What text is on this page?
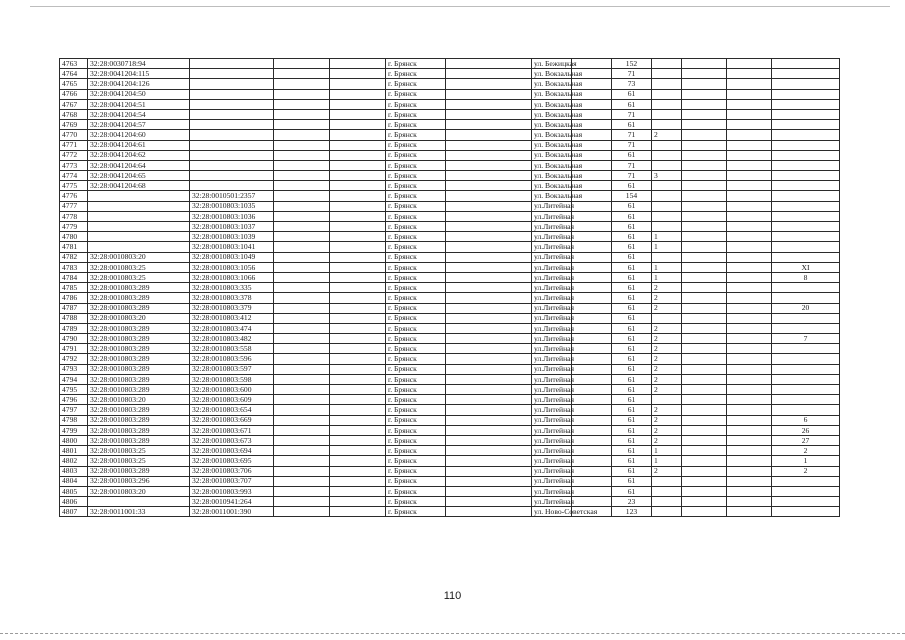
4763	32:28:0030718:94				г. Брянск		ул. Бежицкая		152				
4764	32:28:0041204:115				г. Брянск		ул. Вокзальная		71				
4765	32:28:0041204:126				г. Брянск		ул. Вокзальная		73				
4766	32:28:0041204:50				г. Брянск		ул. Вокзальная		61				
4767	32:28:0041204:51				г. Брянск		ул. Вокзальная		61				
4768	32:28:0041204:54				г. Брянск		ул. Вокзальная		71				
4769	32:28:0041204:57				г. Брянск		ул. Вокзальная		61				
4770	32:28:0041204:60				г. Брянск		ул. Вокзальная		71	2			
4771	32:28:0041204:61				г. Брянск		ул. Вокзальная		71				
4772	32:28:0041204:62				г. Брянск		ул. Вокзальная		61				
4773	32:28:0041204:64				г. Брянск		ул. Вокзальная		71				
4774	32:28:0041204:65				г. Брянск		ул. Вокзальная		71	3			
4775	32:28:0041204:68				г. Брянск		ул. Вокзальная		61				
4776		32:28:0010501:2357			г. Брянск		ул. Вокзальная		154				
4777		32:28:0010803:1035			г. Брянск		ул.Литейная		61				
4778		32:28:0010803:1036			г. Брянск		ул.Литейная		61				
4779		32:28:0010803:1037			г. Брянск		ул.Литейная		61				
4780		32:28:0010803:1039			г. Брянск		ул.Литейная		61	1			
4781		32:28:0010803:1041			г. Брянск		ул.Литейная		61	1			
4782	32:28:0010803:20	32:28:0010803:1049			г. Брянск		ул.Литейная		61				
4783	32:28:0010803:25	32:28:0010803:1056			г. Брянск		ул.Литейная		61	1			XI
4784	32:28:0010803:25	32:28:0010803:1066			г. Брянск		ул.Литейная		61	1			8
4785	32:28:0010803:289	32:28:0010803:335			г. Брянск		ул.Литейная		61	2			
4786	32:28:0010803:289	32:28:0010803:378			г. Брянск		ул.Литейная		61	2			
4787	32:28:0010803:289	32:28:0010803:379			г. Брянск		ул.Литейная		61	2			20
4788	32:28:0010803:20	32:28:0010803:412			г. Брянск		ул.Литейная		61				
4789	32:28:0010803:289	32:28:0010803:474			г. Брянск		ул.Литейная		61	2			
4790	32:28:0010803:289	32:28:0010803:482			г. Брянск		ул.Литейная		61	2			7
4791	32:28:0010803:289	32:28:0010803:558			г. Брянск		ул.Литейная		61	2			
4792	32:28:0010803:289	32:28:0010803:596			г. Брянск		ул.Литейная		61	2			
4793	32:28:0010803:289	32:28:0010803:597			г. Брянск		ул.Литейная		61	2			
4794	32:28:0010803:289	32:28:0010803:598			г. Брянск		ул.Литейная		61	2			
4795	32:28:0010803:289	32:28:0010803:600			г. Брянск		ул.Литейная		61	2			
4796	32:28:0010803:20	32:28:0010803:609			г. Брянск		ул.Литейная		61				
4797	32:28:0010803:289	32:28:0010803:654			г. Брянск		ул.Литейная		61	2			
4798	32:28:0010803:289	32:28:0010803:669			г. Брянск		ул.Литейная		61	2			6
4799	32:28:0010803:289	32:28:0010803:671			г. Брянск		ул.Литейная		61	2			26
4800	32:28:0010803:289	32:28:0010803:673			г. Брянск		ул.Литейная		61	2			27
4801	32:28:0010803:25	32:28:0010803:694			г. Брянск		ул.Литейная		61	1			2
4802	32:28:0010803:25	32:28:0010803:695			г. Брянск		ул.Литейная		61	1			1
4803	32:28:0010803:289	32:28:0010803:706			г. Брянск		ул.Литейная		61	2			2
4804	32:28:0010803:296	32:28:0010803:707			г. Брянск		ул.Литейная		61				
4805	32:28:0010803:20	32:28:0010803:993			г. Брянск		ул.Литейная		61				
4806		32:28:0010941:264			г. Брянск		ул.Литейная		23				
4807	32:28:0011001:33	32:28:0011001:390			г. Брянск		ул. Ново-Советская		123				
110
